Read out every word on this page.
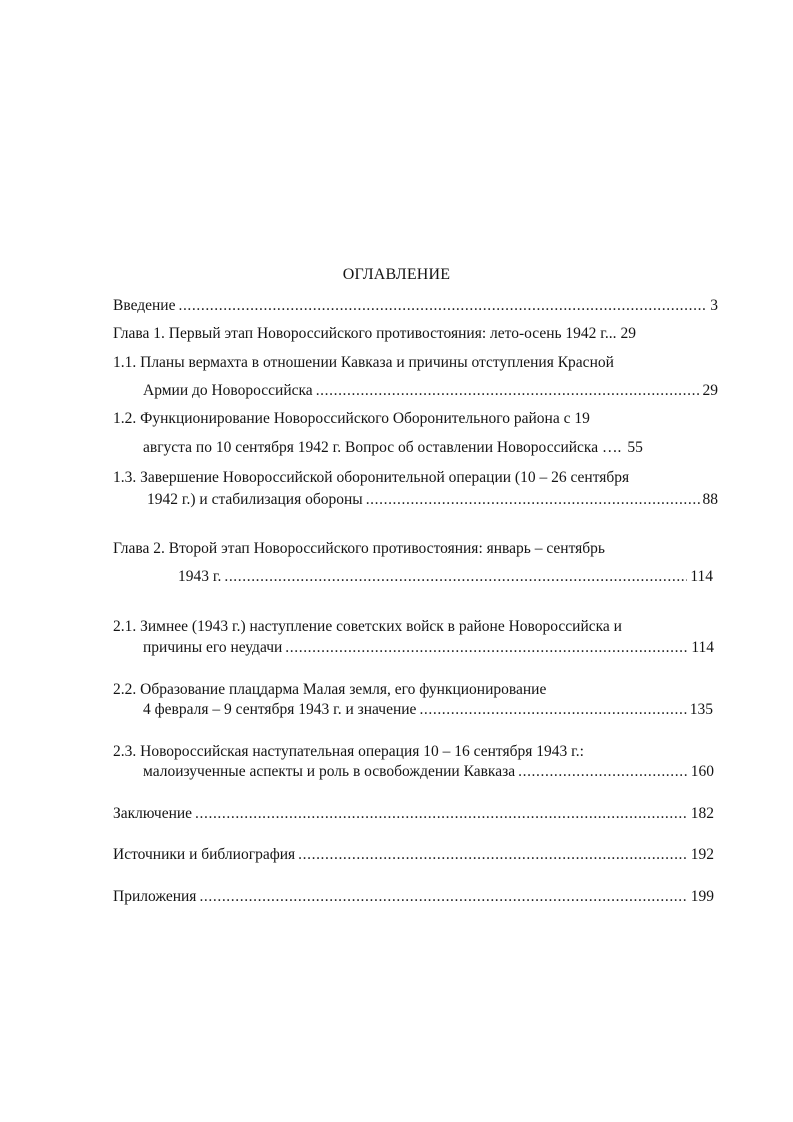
ОГЛАВЛЕНИЕ
Введение .....	3
Глава 1. Первый этап Новороссийского противостояния: лето-осень 1942 г... 29
1.1. Планы вермахта в отношении Кавказа и причины отступления Красной
Армии до Новороссийска .....	29
1.2. Функционирование Новороссийского Оборонительного района с 19
августа по 10 сентября 1942 г. Вопрос об оставлении Новороссийска …. 55
1.3. Завершение Новороссийской оборонительной операции (10 – 26 сентября
1942 г.) и стабилизация обороны .....	88
Глава 2. Второй этап Новороссийского противостояния: январь – сентябрь
1943 г. .....	114
2.1. Зимнее (1943 г.) наступление советских войск в районе Новороссийска и
причины его неудачи .....	114
2.2. Образование плацдарма Малая земля, его функционирование
4 февраля – 9 сентября 1943 г. и значение .....	135
2.3. Новороссийская наступательная операция 10 – 16 сентября 1943 г.:
малоизученные аспекты и роль в освобождении Кавказа .....	160
Заключение .....	182
Источники и библиография .....	192
Приложения .....	199
